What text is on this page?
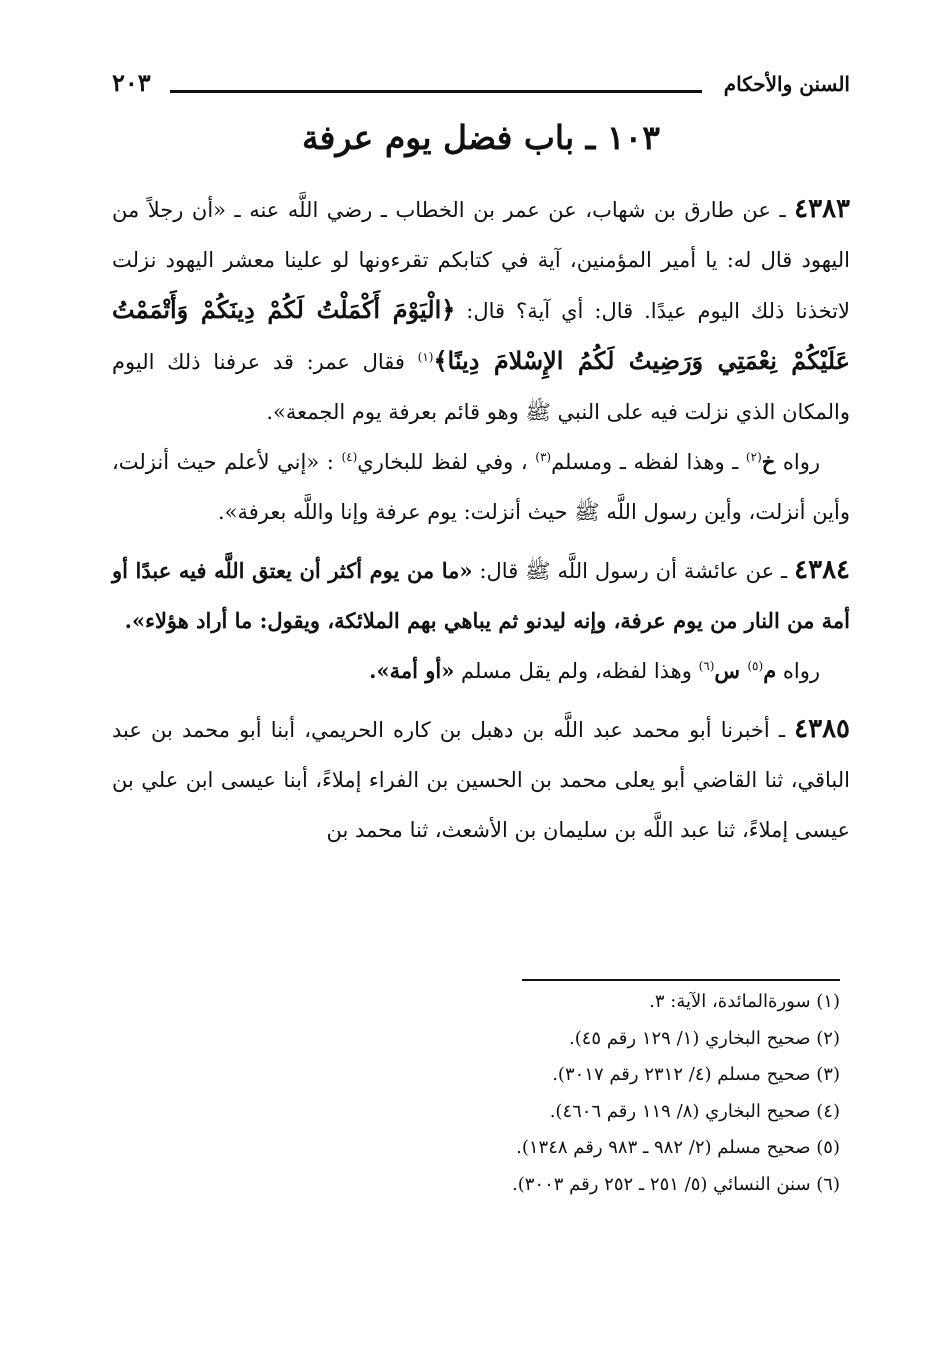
السنن والأحكام
٢٠٣
١٠٣ ـ باب فضل يوم عرفة

٤٣٨٣ ـ عن طارق بن شهاب، عن عمر بن الخطاب ـ رضي اللَّه عنه ـ «أن رجلاً من اليهود قال له: يا أمير المؤمنين، آية في كتابكم تقرءونها لو علينا معشر اليهود نزلت لاتخذنا ذلك اليوم عيدًا. قال: أي آية؟ قال: ﴿الْيَوْمَ أَكْمَلْتُ لَكُمْ دِينَكُمْ وَأَتْمَمْتُ عَلَيْكُمْ نِعْمَتِي وَرَضِيتُ لَكُمُ الإِسْلامَ دِينًا﴾$^{(١)}$ فقال عمر: قد عرفنا ذلك اليوم والمكان الذي نزلت فيه على النبي ﷺ وهو قائم بعرفة يوم الجمعة».

رواه خ$^{(٢)}$ ـ وهذا لفظه ـ ومسلم$^{(٣)}$ ، وفي لفظ للبخاري$^{(٤)}$ : «إني لأعلم حيث أنزلت، وأين أنزلت، وأين رسول اللَّه ﷺ حيث أنزلت: يوم عرفة وإنا واللَّه بعرفة».

٤٣٨٤ ـ عن عائشة أن رسول اللَّه ﷺ قال: «ما من يوم أكثر أن يعتق اللَّه فيه عبدًا أو أمة من النار من يوم عرفة، وإنه ليدنو ثم يباهي بهم الملائكة، ويقول: ما أراد هؤلاء».

رواه م$^{(٥)}$ س$^{(٦)}$ وهذا لفظه، ولم يقل مسلم «أو أمة».

٤٣٨٥ ـ أخبرنا أبو محمد عبد اللَّه بن دهبل بن كاره الحريمي، أبنا أبو محمد بن عبد الباقي، ثنا القاضي أبو يعلى محمد بن الحسين بن الفراء إملاءً، أبنا عيسى ابن علي بن عيسى إملاءً، ثنا عبد اللَّه بن سليمان بن الأشعث، ثنا محمد بن

(١) سورةالمائدة، الآية: ٣.

(٢) صحيح البخاري (١/ ١٢٩ رقم ٤٥).

(٣) صحيح مسلم (٤/ ٢٣١٢ رقم ٣٠١٧).

(٤) صحيح البخاري (٨/ ١١٩ رقم ٤٦٠٦).

(٥) صحيح مسلم (٢/ ٩٨٢ ـ ٩٨٣ رقم ١٣٤٨).

(٦) سنن النسائي (٥/ ٢٥١ ـ ٢٥٢ رقم ٣٠٠٣).
